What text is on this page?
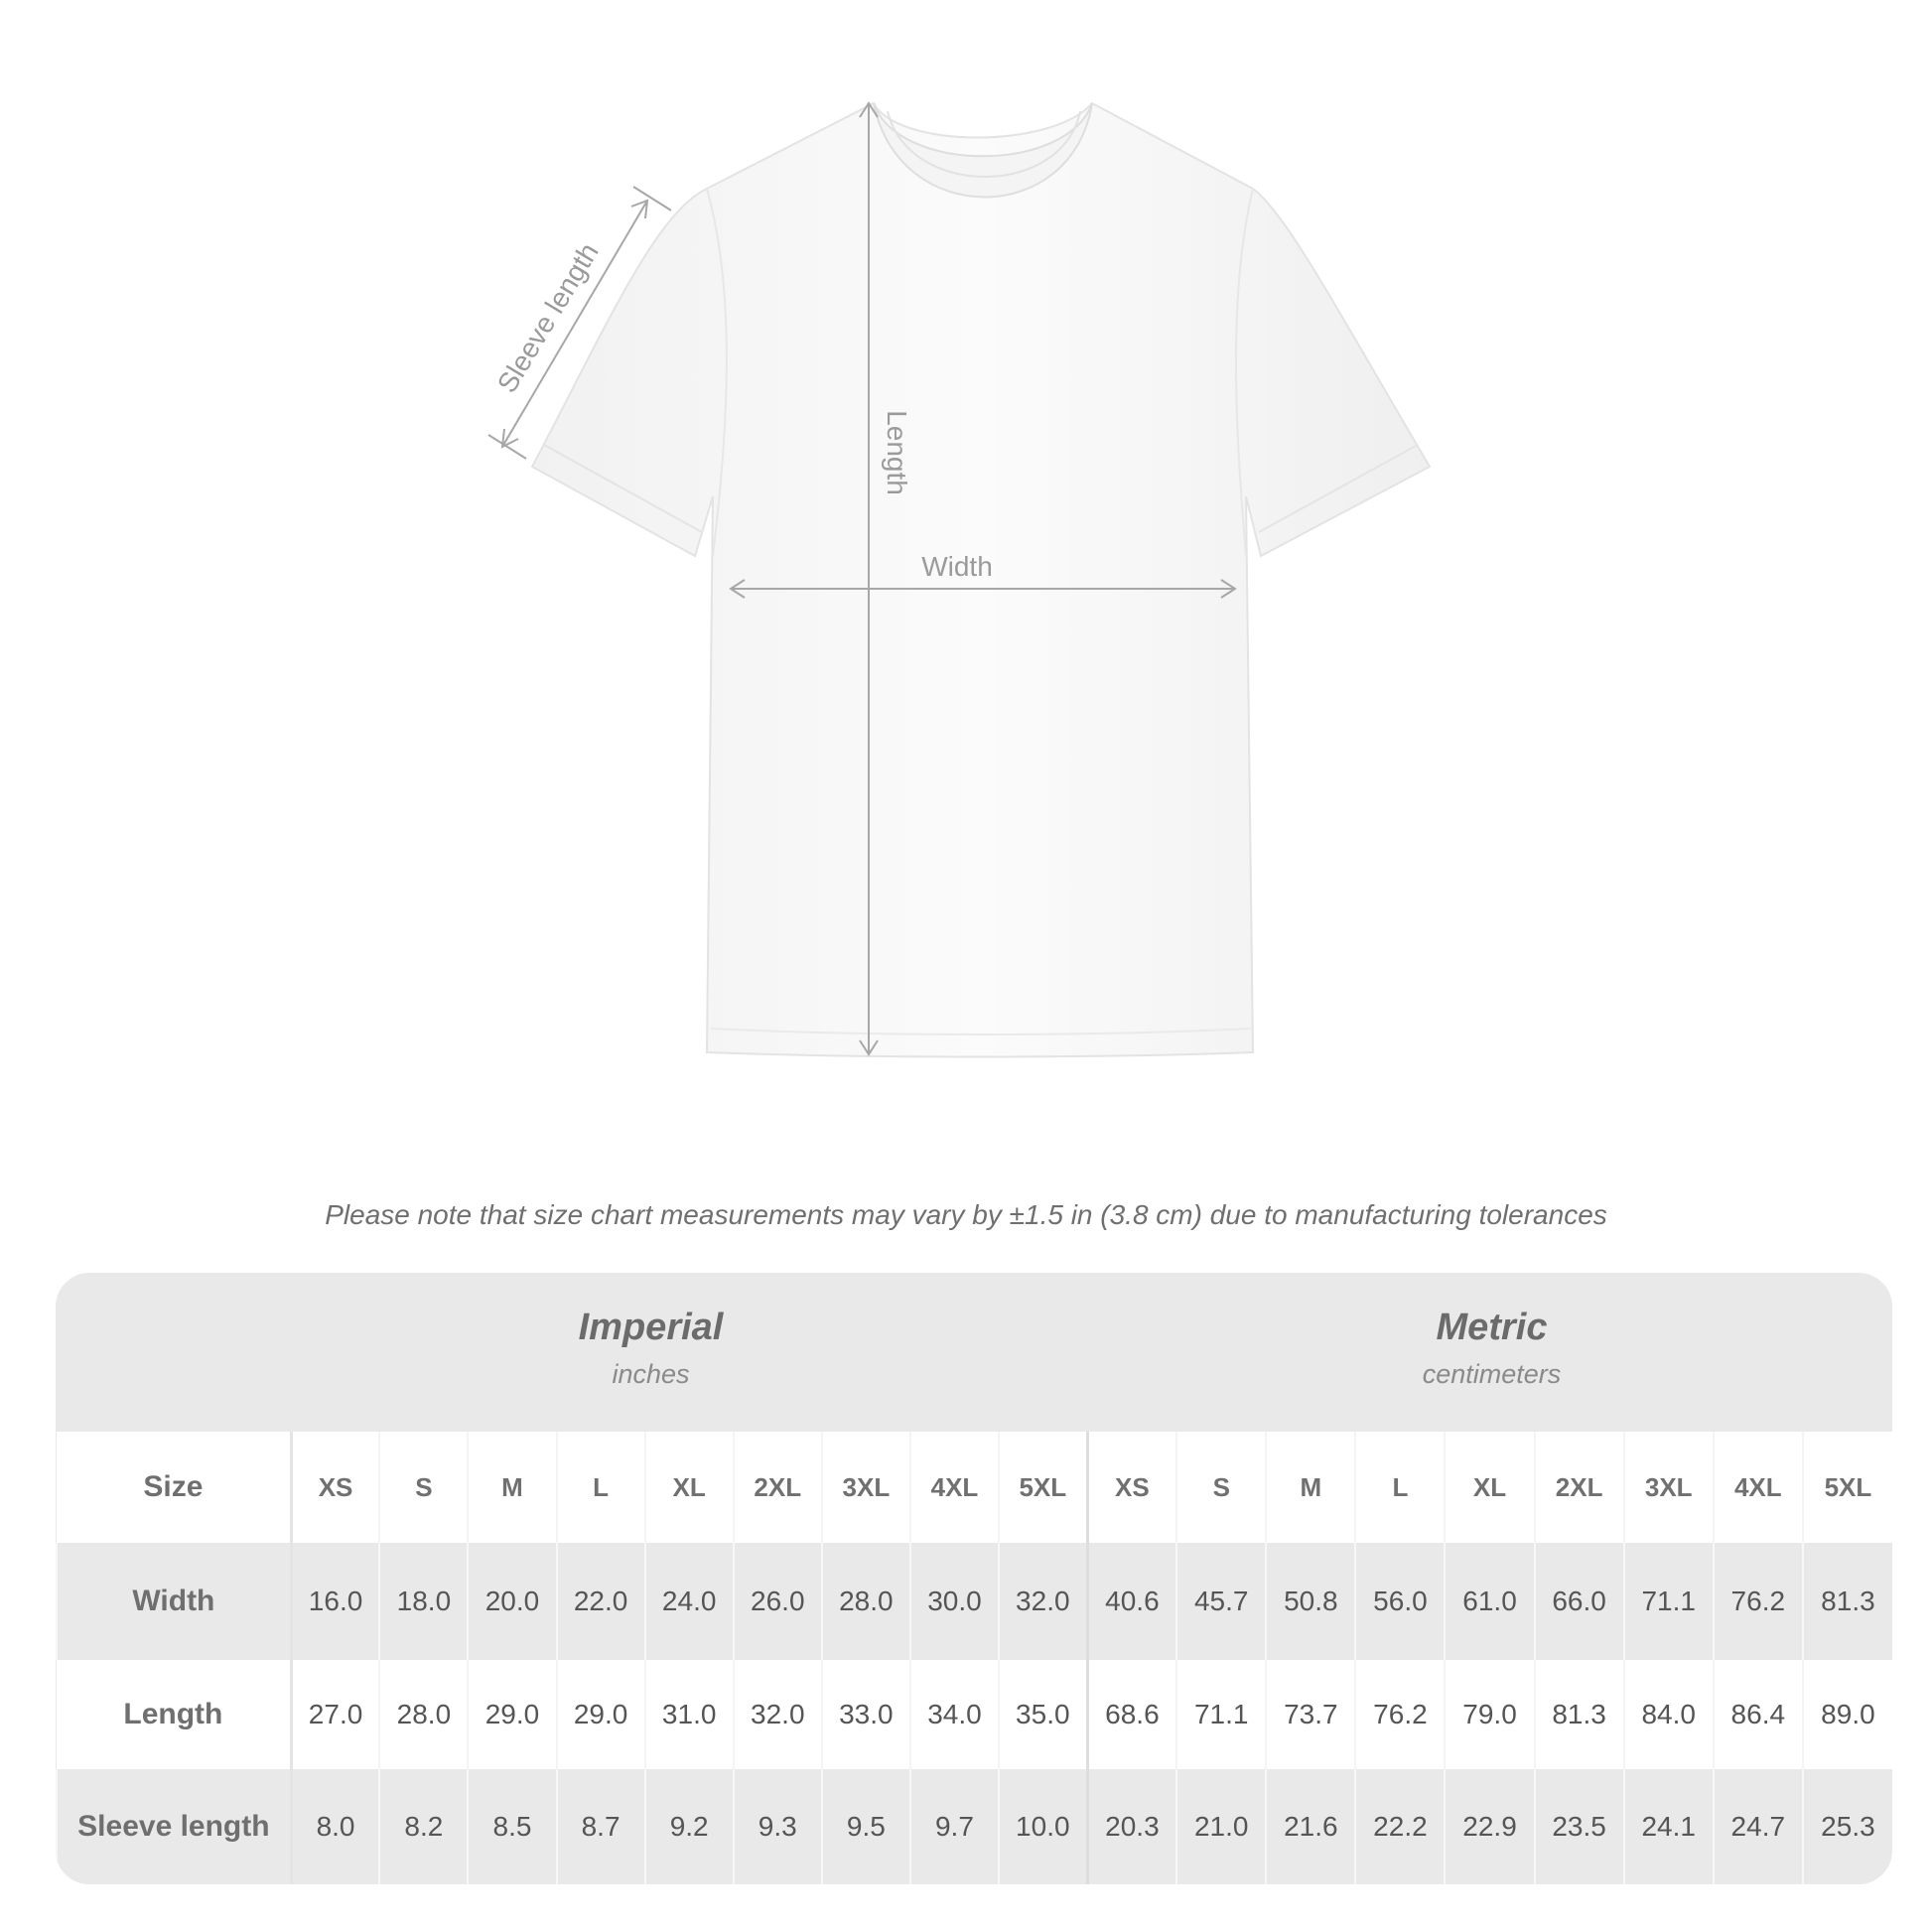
Sleeve length
Length
Width
Please note that size chart measurements may vary by ±1.5 in (3.8 cm) due to manufacturing tolerances
Imperial
inches
Metric
centimeters
Size	XS	S	M	L	XL	2XL	3XL	4XL	5XL	XS	S	M	L	XL	2XL	3XL	4XL	5XL
Width	16.0	18.0	20.0	22.0	24.0	26.0	28.0	30.0	32.0	40.6	45.7	50.8	56.0	61.0	66.0	71.1	76.2	81.3
Length	27.0	28.0	29.0	29.0	31.0	32.0	33.0	34.0	35.0	68.6	71.1	73.7	76.2	79.0	81.3	84.0	86.4	89.0
Sleeve length	8.0	8.2	8.5	8.7	9.2	9.3	9.5	9.7	10.0	20.3	21.0	21.6	22.2	22.9	23.5	24.1	24.7	25.3
